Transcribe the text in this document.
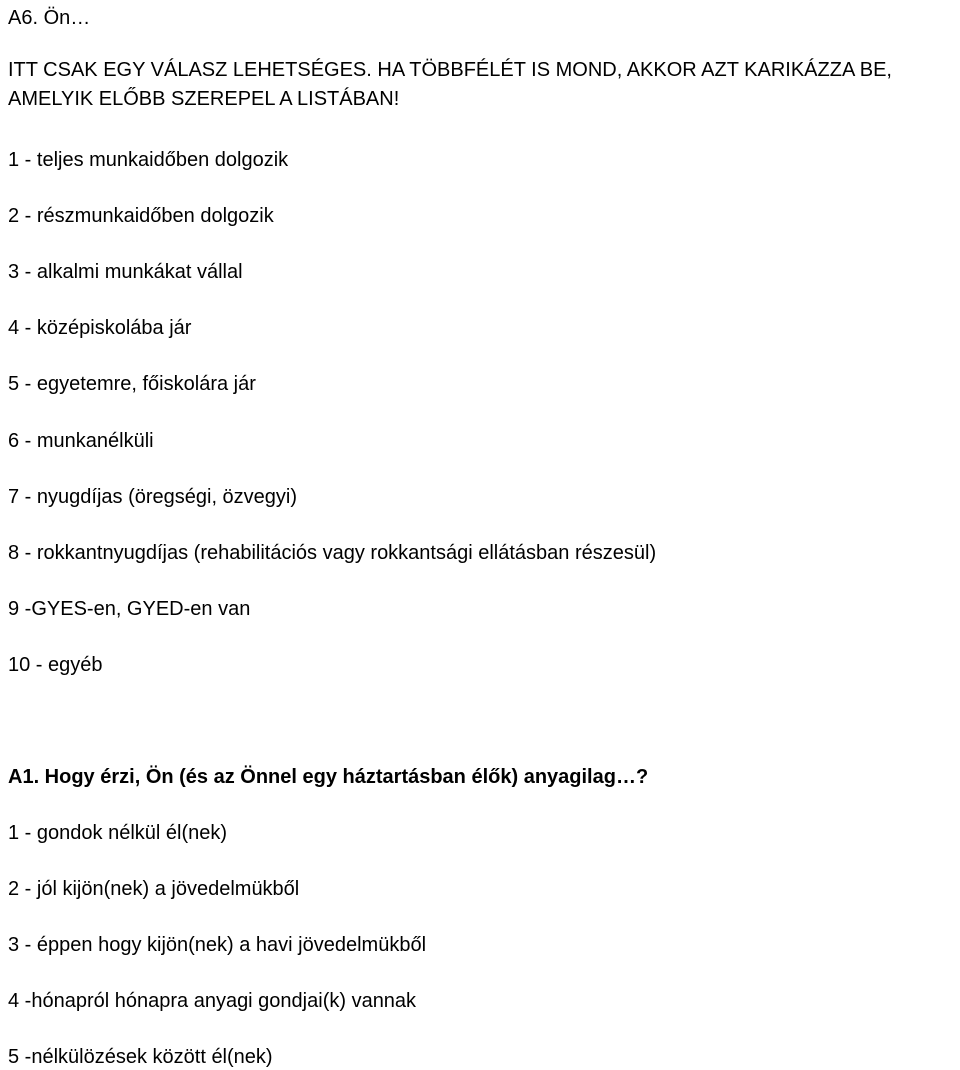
A6. Ön…
ITT CSAK EGY VÁLASZ LEHETSÉGES. HA TÖBBFÉLÉT IS MOND, AKKOR AZT KARIKÁZZA BE, AMELYIK ELŐBB SZEREPEL A LISTÁBAN!
1 - teljes munkaidőben dolgozik
2 - részmunkaidőben dolgozik
3 - alkalmi munkákat vállal
4 - középiskolába jár
5 - egyetemre, főiskolára jár
6 - munkanélküli
7 - nyugdíjas (öregségi, özvegyi)
8 - rokkantnyugdíjas (rehabilitációs vagy rokkantsági ellátásban részesül)
9 -GYES-en, GYED-en van
10 - egyéb
A1. Hogy érzi, Ön (és az Önnel egy háztartásban élők) anyagilag…?
1 - gondok nélkül él(nek)
2 - jól kijön(nek) a jövedelmükből
3 - éppen hogy kijön(nek) a havi jövedelmükből
4 -hónapról hónapra anyagi gondjai(k) vannak
5 -nélkülözések között él(nek)
